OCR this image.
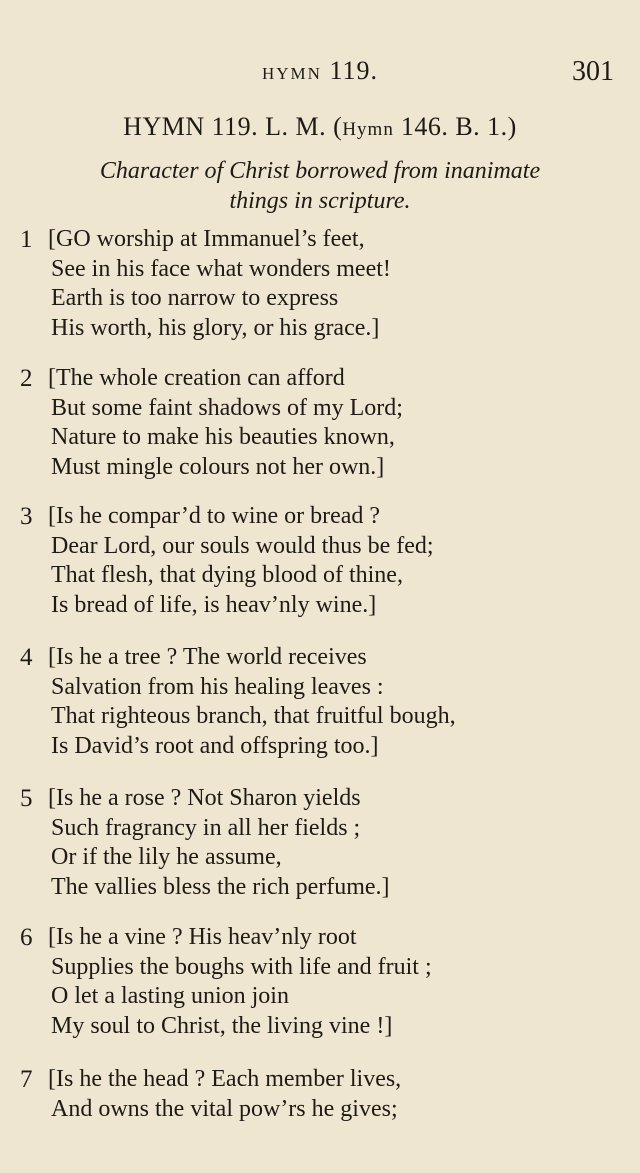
HYMN 119.	301
HYMN 119. L. M. (Hymn 146. B. 1.)
Character of Christ borrowed from inanimate
things in scripture.
1 [GO worship at Immanuel’s feet,
See in his face what wonders meet!
Earth is too narrow to express
His worth, his glory, or his grace.]
2 [The whole creation can afford
But some faint shadows of my Lord;
Nature to make his beauties known,
Must mingle colours not her own.]
3 [Is he compar’d to wine or bread ?
Dear Lord, our souls would thus be fed;
That flesh, that dying blood of thine,
Is bread of life, is heav’nly wine.]
4 [Is he a tree ? The world receives
Salvation from his healing leaves :
That righteous branch, that fruitful bough,
Is David’s root and offspring too.]
5 [Is he a rose ? Not Sharon yields
Such fragrancy in all her fields ;
Or if the lily he assume,
The vallies bless the rich perfume.]
6 [Is he a vine ? His heav’nly root
Supplies the boughs with life and fruit ;
O let a lasting union join
My soul to Christ, the living vine !]
7 [Is he the head ? Each member lives,
And owns the vital pow’rs he gives;
